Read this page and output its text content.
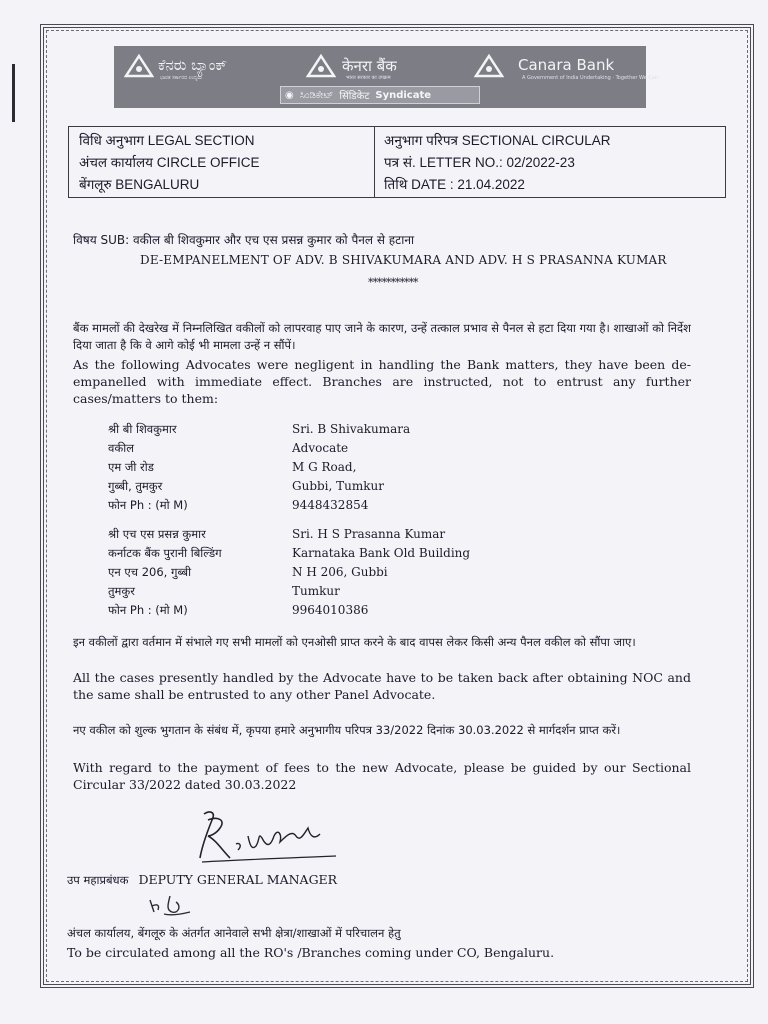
ಕೆನರು ಬ್ಯಾಂಕ್
ಭಾರತ ಸರ್ಕಾರದ ಉದ್ಯಮ
केनरा बैंक
भारत सरकार का उपक्रम
Canara Bank
A Government of India Undertaking · Together We Can
◉ ಸಿಂಡಿಕೇಟ್ सिंडिकेट Syndicate
विधि अनुभाग LEGAL SECTION
अंचल कार्यालय CIRCLE OFFICE
बेंगलूरु BENGALURU
अनुभाग परिपत्र SECTIONAL CIRCULAR
पत्र सं. LETTER NO.: 02/2022-23
तिथि DATE : 21.04.2022
विषय SUB: वकील बी शिवकुमार और एच एस प्रसन्न कुमार को पैनल से हटाना
DE-EMPANELMENT OF ADV. B SHIVAKUMARA AND ADV. H S PRASANNA KUMAR
***********
बैंक मामलों की देखरेख में निम्नलिखित वकीलों को लापरवाह पाए जाने के कारण, उन्हें तत्काल प्रभाव से पैनल से हटा दिया गया है। शाखाओं को निर्देश दिया जाता है कि वे आगे कोई भी मामला उन्हें न सौंपें।
As the following Advocates were negligent in handling the Bank matters, they have been de-empanelled with immediate effect. Branches are instructed, not to entrust any further cases/matters to them:
श्री बी शिवकुमार
वकील
एम जी रोड
गुब्बी, तुमकुर
फोन Ph : (मो M)
Sri. B Shivakumara
Advocate
M G Road,
Gubbi, Tumkur
9448432854
श्री एच एस प्रसन्न कुमार
कर्नाटक बैंक पुरानी बिल्डिंग
एन एच 206, गुब्बी
तुमकुर
फोन Ph : (मो M)
Sri. H S Prasanna Kumar
Karnataka Bank Old Building
N H 206, Gubbi
Tumkur
9964010386
इन वकीलों द्वारा वर्तमान में संभाले गए सभी मामलों को एनओसी प्राप्त करने के बाद वापस लेकर किसी अन्य पैनल वकील को सौंपा जाए।
All the cases presently handled by the Advocate have to be taken back after obtaining NOC and the same shall be entrusted to any other Panel Advocate.
नए वकील को शुल्क भुगतान के संबंध में, कृपया हमारे अनुभागीय परिपत्र 33/2022 दिनांक 30.03.2022 से मार्गदर्शन प्राप्त करें।
With regard to the payment of fees to the new Advocate, please be guided by our Sectional Circular 33/2022 dated 30.03.2022
उप महाप्रबंधक DEPUTY GENERAL MANAGER
अंचल कार्यालय, बेंगलूरु के अंतर्गत आनेवाले सभी क्षेत्रा/शाखाओं में परिचालन हेतु
To be circulated among all the RO's /Branches coming under CO, Bengaluru.
